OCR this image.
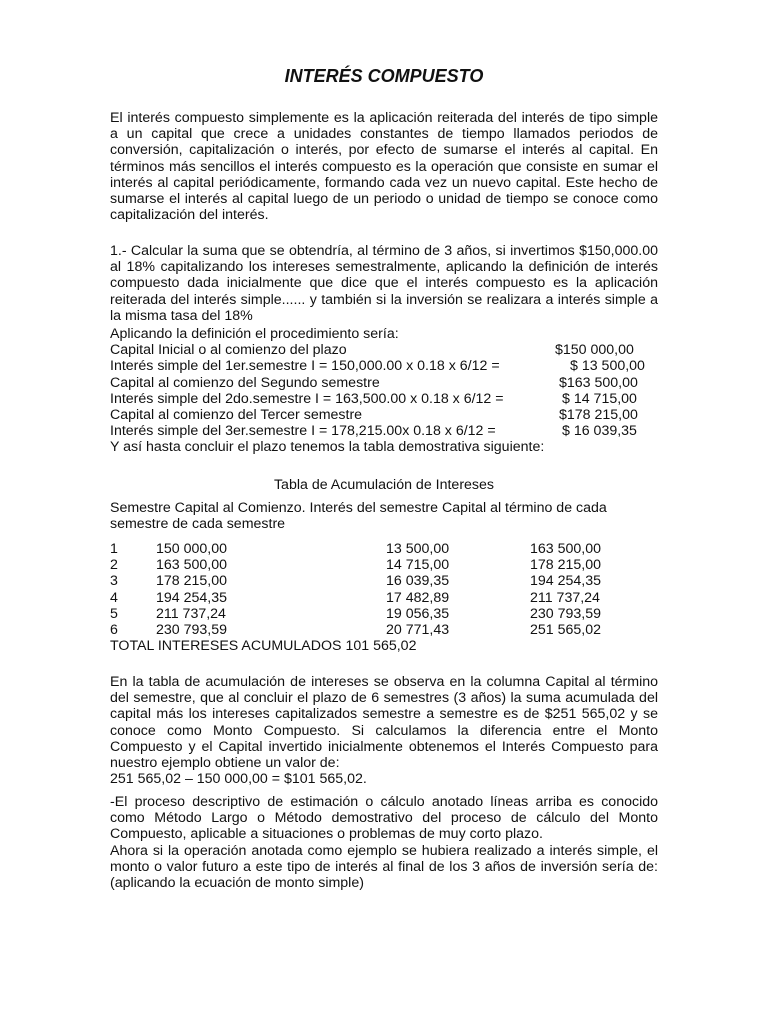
INTERÉS COMPUESTO
El interés compuesto simplemente es la aplicación reiterada del interés de tipo simple a un capital que crece a unidades constantes de tiempo llamados periodos de conversión, capitalización o interés, por efecto de sumarse el interés al capital. En términos más sencillos el interés compuesto es la operación que consiste en sumar el interés al capital periódicamente, formando cada vez un nuevo capital. Este hecho de sumarse el interés al capital luego de un periodo o unidad de tiempo se conoce como capitalización del interés.
1.- Calcular la suma que se obtendría, al término de 3 años, si invertimos $150,000.00 al 18% capitalizando los intereses semestralmente, aplicando la definición de interés compuesto dada inicialmente que dice que el interés compuesto es la aplicación reiterada del interés simple...... y también si la inversión se realizara a interés simple a la misma tasa del 18%
Aplicando la definición el procedimiento sería:
Capital Inicial o al comienzo del plazo	$150 000,00
Interés simple del 1er.semestre I = 150,000.00 x 0.18 x 6/12 =	$ 13 500,00
Capital al comienzo del Segundo semestre	$163 500,00
Interés simple del 2do.semestre I = 163,500.00 x 0.18 x 6/12 =	$ 14 715,00
Capital al comienzo del Tercer semestre	$178 215,00
Interés simple del 3er.semestre I = 178,215.00x 0.18 x 6/12 =	$ 16 039,35
Y así hasta concluir el plazo tenemos la tabla demostrativa siguiente:
Tabla de Acumulación de Intereses
Semestre Capital al Comienzo. Interés del semestre Capital al término de cada semestre de cada semestre
1	150 000,00	13 500,00	163 500,00
2	163 500,00	14 715,00	178 215,00
3	178 215,00	16 039,35	194 254,35
4	194 254,35	17 482,89	211 737,24
5	211 737,24	19 056,35	230 793,59
6	230 793,59	20 771,43	251 565,02
TOTAL INTERESES ACUMULADOS 101 565,02
En la tabla de acumulación de intereses se observa en la columna Capital al término del semestre, que al concluir el plazo de 6 semestres (3 años) la suma acumulada del capital más los intereses capitalizados semestre a semestre es de $251 565,02 y se conoce como Monto Compuesto. Si calculamos la diferencia entre el Monto Compuesto y el Capital invertido inicialmente obtenemos el Interés Compuesto para nuestro ejemplo obtiene un valor de:
251 565,02 – 150 000,00 = $101 565,02.
-El proceso descriptivo de estimación o cálculo anotado líneas arriba es conocido como Método Largo o Método demostrativo del proceso de cálculo del Monto Compuesto, aplicable a situaciones o problemas de muy corto plazo.
Ahora si la operación anotada como ejemplo se hubiera realizado a interés simple, el monto o valor futuro a este tipo de interés al final de los 3 años de inversión sería de: (aplicando la ecuación de monto simple)
